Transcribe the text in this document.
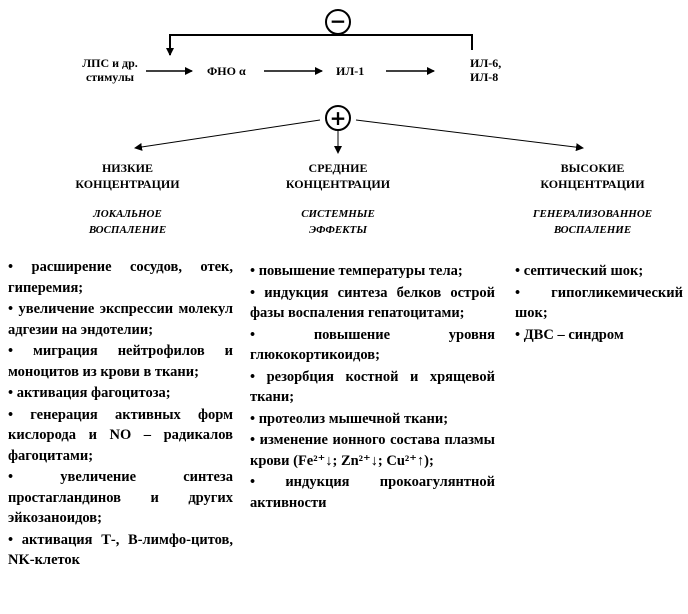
−
+
ЛПС и др.
стимулы	ФНО α	ИЛ-1
ИЛ-6,
ИЛ-8
НИЗКИЕ
КОНЦЕНТРАЦИИ
ЛОКАЛЬНОЕ
ВОСПАЛЕНИЕ
СРЕДНИЕ
КОНЦЕНТРАЦИИ
СИСТЕМНЫЕ
ЭФФЕКТЫ
ВЫСОКИЕ
КОНЦЕНТРАЦИИ
ГЕНЕРАЛИЗОВАННОЕ
ВОСПАЛЕНИЕ
• расширение сосудов, отек, гиперемия;
• увеличение экспрессии молекул адгезии на эндотелии;
• миграция нейтрофилов и моноцитов из крови в ткани;
• активация фагоцитоза;
• генерация активных форм кислорода и NO – радикалов фагоцитами;
• увеличение синтеза простагландинов и других эйкозаноидов;
• активация Т-, В-лимфо-цитов, NK-клеток
• повышение температуры тела;
• индукция синтеза белков острой фазы воспаления гепатоцитами;
• повышение уровня глюкокортикоидов;
• резорбция костной и хрящевой ткани;
• протеолиз мышечной ткани;
• изменение ионного состава плазмы крови (Fe²⁺↓; Zn²⁺↓; Cu²⁺↑);
• индукция прокоагулянтной активности
• септический шок;
• гипогликемический шок;
• ДВС – синдром
